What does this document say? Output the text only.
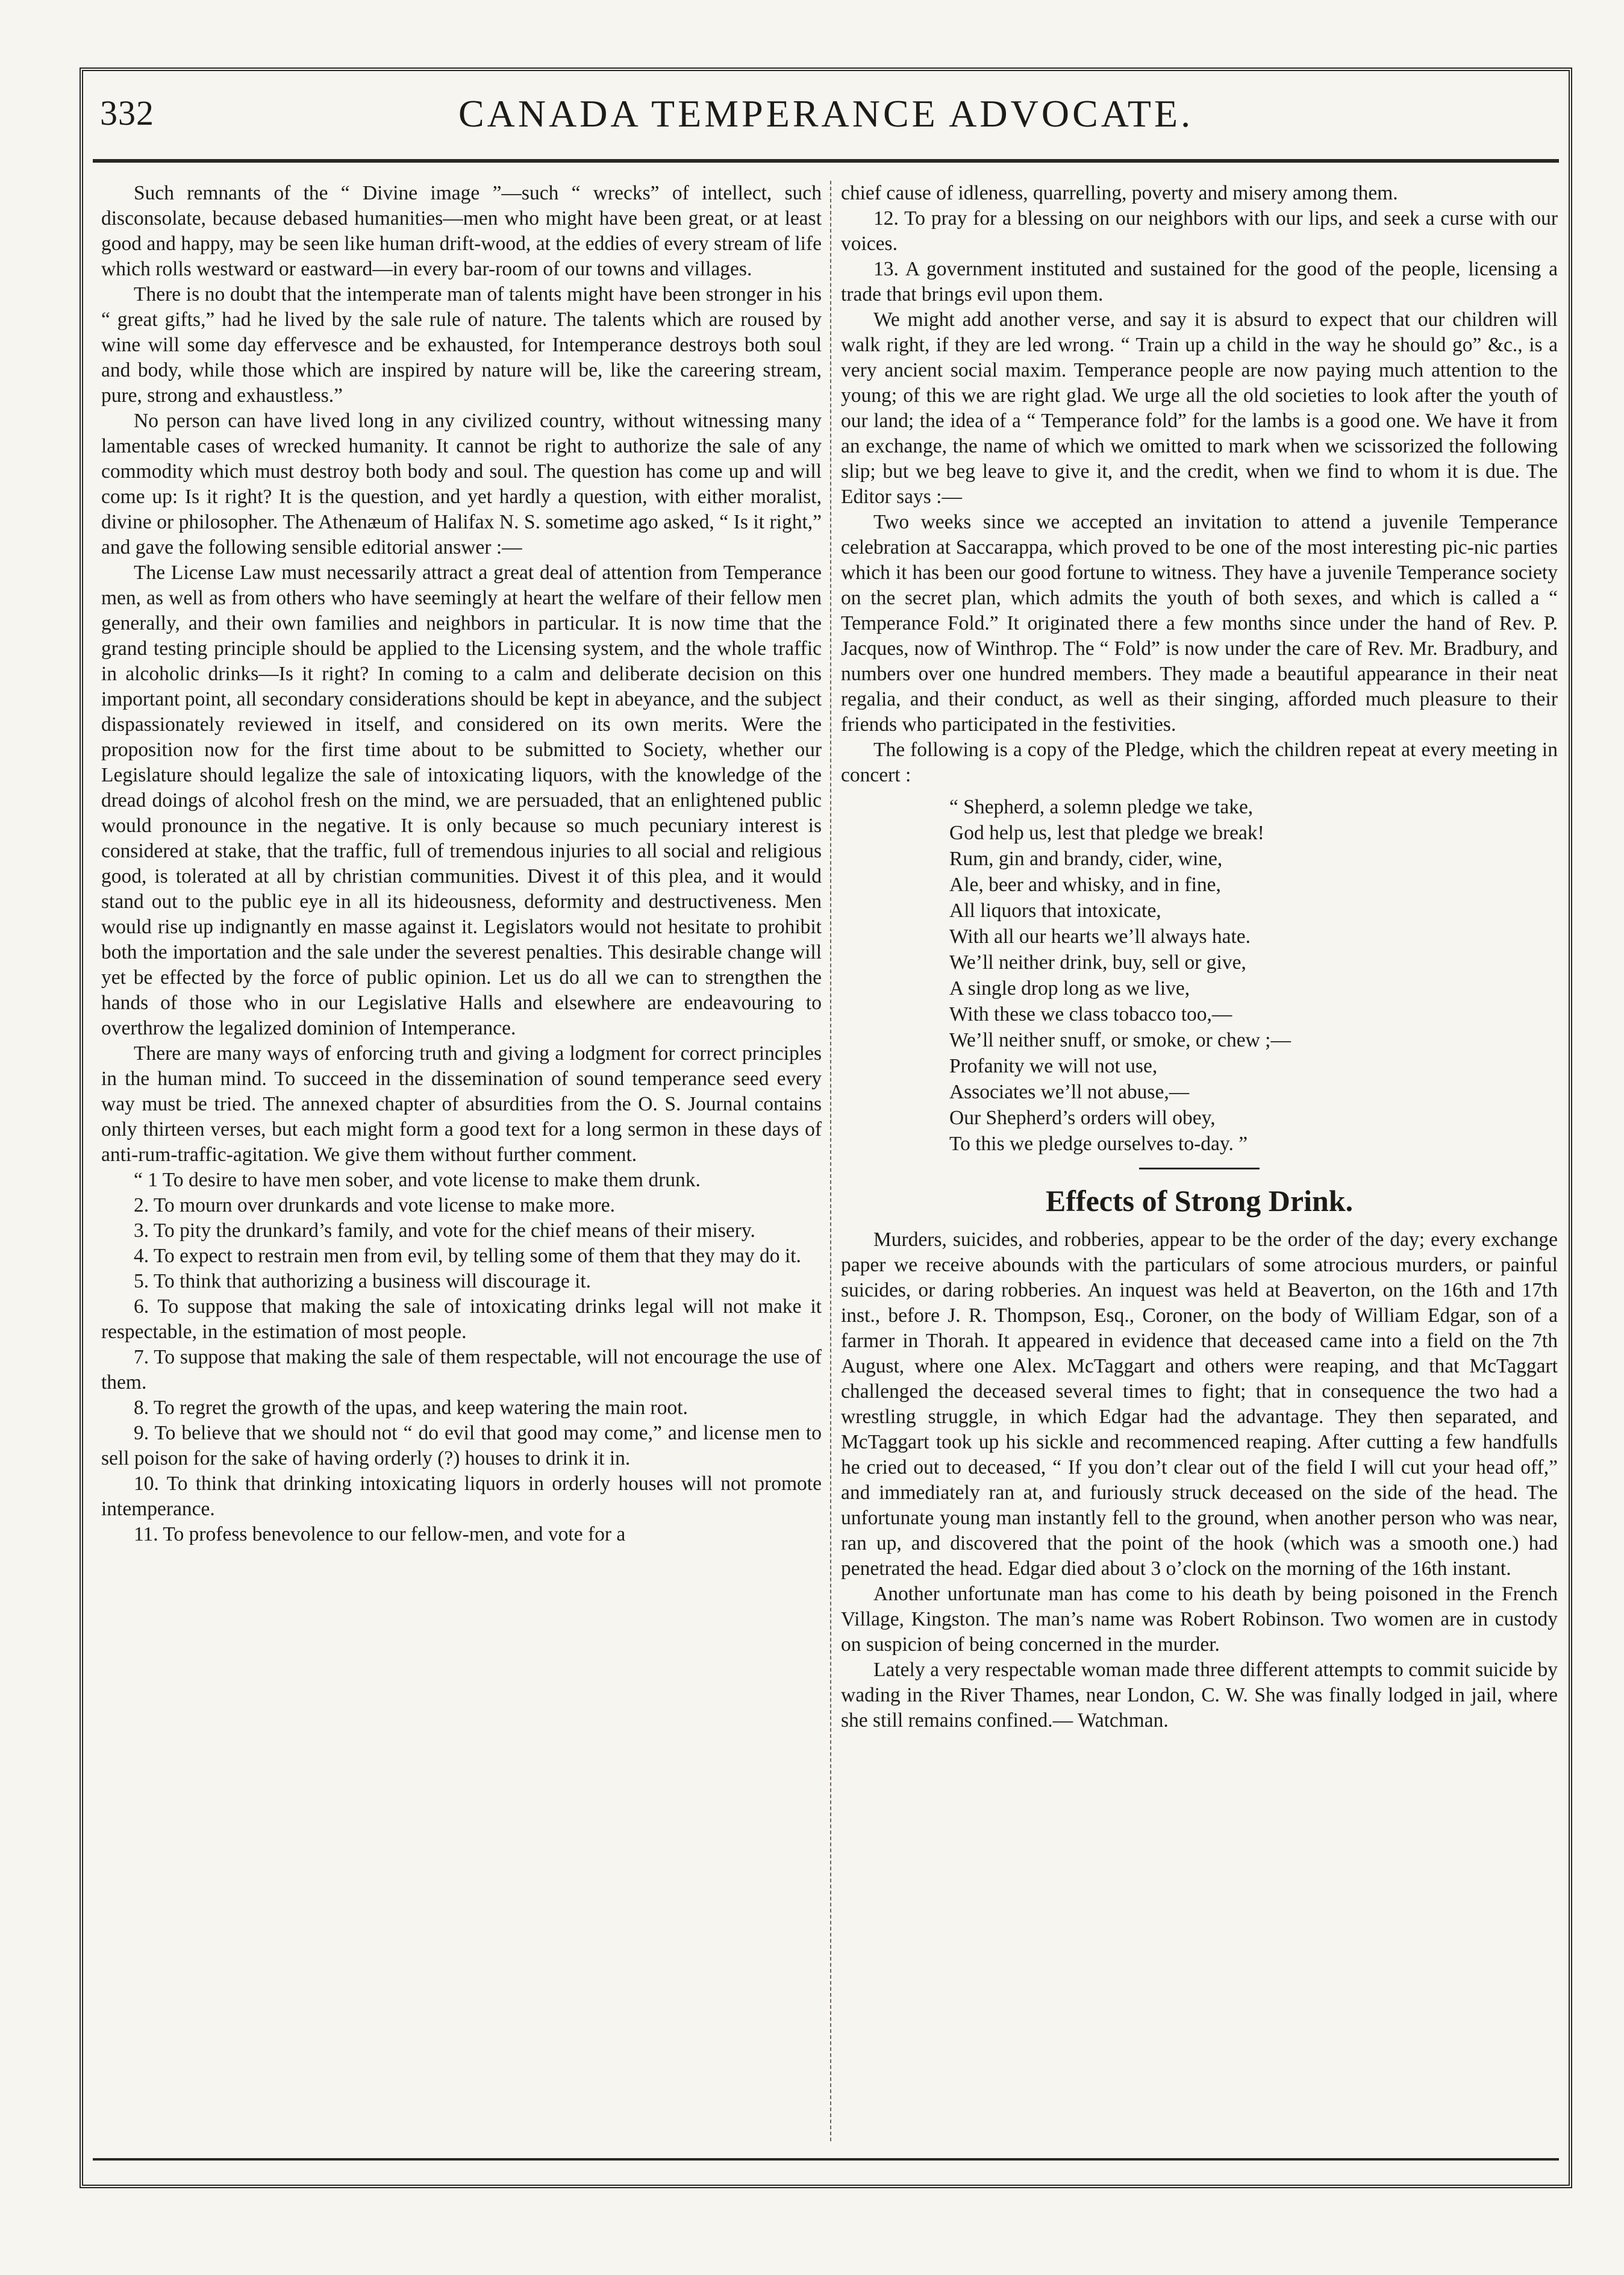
332	CANADA TEMPERANCE ADVOCATE.

Such remnants of the “ Divine image ”—such “ wrecks” of intellect, such disconsolate, because debased humanities—men who might have been great, or at least good and happy, may be seen like human drift-wood, at the eddies of every stream of life which rolls westward or eastward—in every bar-room of our towns and villages.

There is no doubt that the intemperate man of talents might have been stronger in his “ great gifts,” had he lived by the sale rule of nature. The talents which are roused by wine will some day effervesce and be exhausted, for Intemperance destroys both soul and body, while those which are inspired by nature will be, like the careering stream, pure, strong and exhaustless.”

No person can have lived long in any civilized country, without witnessing many lamentable cases of wrecked humanity. It cannot be right to authorize the sale of any commodity which must destroy both body and soul. The question has come up and will come up: Is it right? It is the question, and yet hardly a question, with either moralist, divine or philosopher. The Athenæum of Halifax N. S. sometime ago asked, “ Is it right,” and gave the following sensible editorial answer :—

The License Law must necessarily attract a great deal of attention from Temperance men, as well as from others who have seemingly at heart the welfare of their fellow men generally, and their own families and neighbors in particular. It is now time that the grand testing principle should be applied to the Licensing system, and the whole traffic in alcoholic drinks—Is it right? In coming to a calm and deliberate decision on this important point, all secondary considerations should be kept in abeyance, and the subject dispassionately reviewed in itself, and considered on its own merits. Were the proposition now for the first time about to be submitted to Society, whether our Legislature should legalize the sale of intoxicating liquors, with the knowledge of the dread doings of alcohol fresh on the mind, we are persuaded, that an enlightened public would pronounce in the negative. It is only because so much pecuniary interest is considered at stake, that the traffic, full of tremendous injuries to all social and religious good, is tolerated at all by christian communities. Divest it of this plea, and it would stand out to the public eye in all its hideousness, deformity and destructiveness. Men would rise up indignantly en masse against it. Legislators would not hesitate to prohibit both the importation and the sale under the severest penalties. This desirable change will yet be effected by the force of public opinion. Let us do all we can to strengthen the hands of those who in our Legislative Halls and elsewhere are endeavouring to overthrow the legalized dominion of Intemperance.

There are many ways of enforcing truth and giving a lodgment for correct principles in the human mind. To succeed in the dissemination of sound temperance seed every way must be tried. The annexed chapter of absurdities from the O. S. Journal contains only thirteen verses, but each might form a good text for a long sermon in these days of anti-rum-traffic-agitation. We give them without further comment.

“ 1 To desire to have men sober, and vote license to make them drunk.

2. To mourn over drunkards and vote license to make more.

3. To pity the drunkard’s family, and vote for the chief means of their misery.

4. To expect to restrain men from evil, by telling some of them that they may do it.

5. To think that authorizing a business will discourage it.

6. To suppose that making the sale of intoxicating drinks legal will not make it respectable, in the estimation of most people.

7. To suppose that making the sale of them respectable, will not encourage the use of them.

8. To regret the growth of the upas, and keep watering the main root.

9. To believe that we should not “ do evil that good may come,” and license men to sell poison for the sake of having orderly (?) houses to drink it in.

10. To think that drinking intoxicating liquors in orderly houses will not promote intemperance.

11. To profess benevolence to our fellow-men, and vote for a

chief cause of idleness, quarrelling, poverty and misery among them.

12. To pray for a blessing on our neighbors with our lips, and seek a curse with our voices.

13. A government instituted and sustained for the good of the people, licensing a trade that brings evil upon them.

We might add another verse, and say it is absurd to expect that our children will walk right, if they are led wrong. “ Train up a child in the way he should go” &c., is a very ancient social maxim. Temperance people are now paying much attention to the young; of this we are right glad. We urge all the old societies to look after the youth of our land; the idea of a “ Temperance fold” for the lambs is a good one. We have it from an exchange, the name of which we omitted to mark when we scissorized the following slip; but we beg leave to give it, and the credit, when we find to whom it is due. The Editor says :—

Two weeks since we accepted an invitation to attend a juvenile Temperance celebration at Saccarappa, which proved to be one of the most interesting pic-nic parties which it has been our good fortune to witness. They have a juvenile Temperance society on the secret plan, which admits the youth of both sexes, and which is called a “ Temperance Fold.” It originated there a few months since under the hand of Rev. P. Jacques, now of Winthrop. The “ Fold” is now under the care of Rev. Mr. Bradbury, and numbers over one hundred members. They made a beautiful appearance in their neat regalia, and their conduct, as well as their singing, afforded much pleasure to their friends who participated in the festivities.

The following is a copy of the Pledge, which the children repeat at every meeting in concert :

“ Shepherd, a solemn pledge we take,
God help us, lest that pledge we break!
Rum, gin and brandy, cider, wine,
Ale, beer and whisky, and in fine,
All liquors that intoxicate,
With all our hearts we’ll always hate.
We’ll neither drink, buy, sell or give,
A single drop long as we live,
With these we class tobacco too,—
We’ll neither snuff, or smoke, or chew ;—
Profanity we will not use,
Associates we’ll not abuse,—
Our Shepherd’s orders will obey,
To this we pledge ourselves to-day. ”
Effects of Strong Drink.

Murders, suicides, and robberies, appear to be the order of the day; every exchange paper we receive abounds with the particulars of some atrocious murders, or painful suicides, or daring robberies. An inquest was held at Beaverton, on the 16th and 17th inst., before J. R. Thompson, Esq., Coroner, on the body of William Edgar, son of a farmer in Thorah. It appeared in evidence that deceased came into a field on the 7th August, where one Alex. McTaggart and others were reaping, and that McTaggart challenged the deceased several times to fight; that in consequence the two had a wrestling struggle, in which Edgar had the advantage. They then separated, and McTaggart took up his sickle and recommenced reaping. After cutting a few handfulls he cried out to deceased, “ If you don’t clear out of the field I will cut your head off,” and immediately ran at, and furiously struck deceased on the side of the head. The unfortunate young man instantly fell to the ground, when another person who was near, ran up, and discovered that the point of the hook (which was a smooth one.) had penetrated the head. Edgar died about 3 o’clock on the morning of the 16th instant.

Another unfortunate man has come to his death by being poisoned in the French Village, Kingston. The man’s name was Robert Robinson. Two women are in custody on suspicion of being concerned in the murder.

Lately a very respectable woman made three different attempts to commit suicide by wading in the River Thames, near London, C. W. She was finally lodged in jail, where she still remains confined.— Watchman.
